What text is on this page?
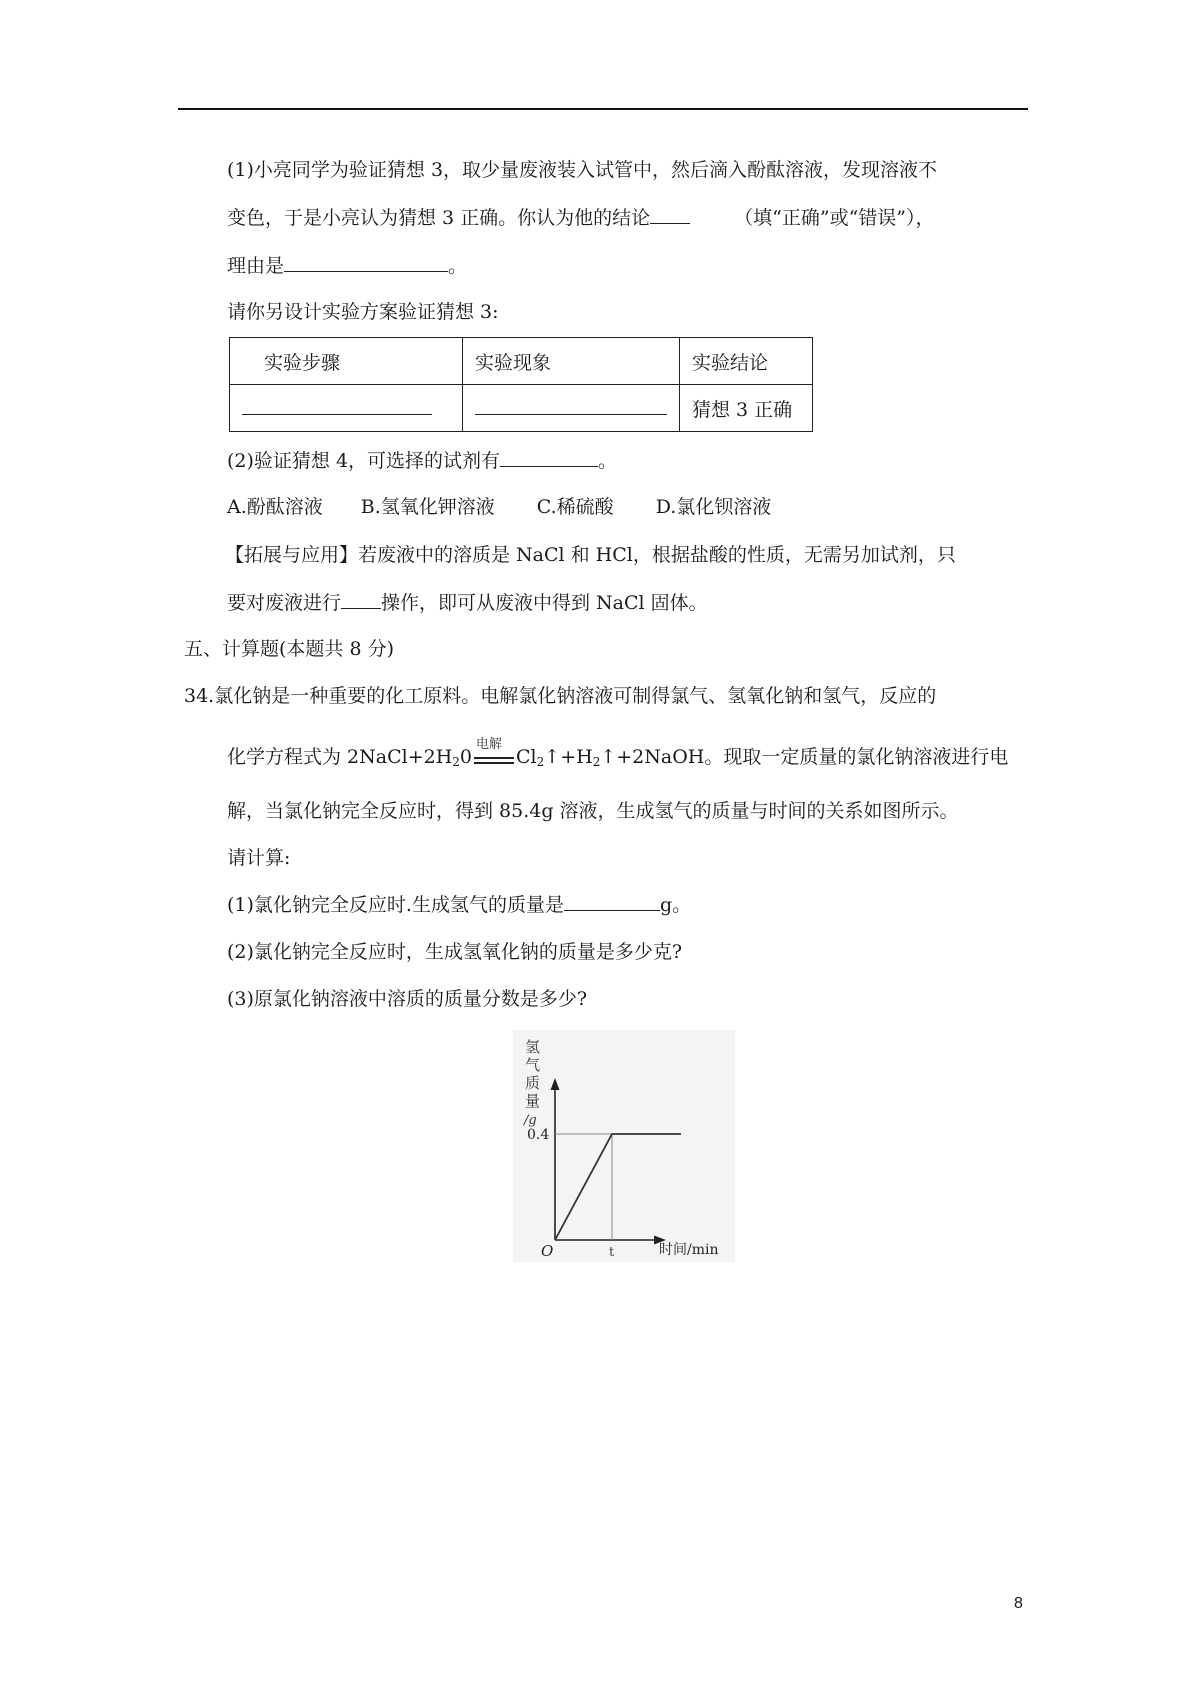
(1)小亮同学为验证猜想 3，取少量废液装入试管中，然后滴入酚酞溶液，发现溶液不
变色，于是小亮认为猜想 3 正确。你认为他的结论	（填“正确”或“错误”），
理由是	。
请你另设计实验方案验证猜想 3:
实验步骤	实验现象	实验结论
		猜想 3 正确
(2)验证猜想 4，可选择的试剂有	。
A.酚酞溶液 B.氢氧化钾溶液 C.稀硫酸 D.氯化钡溶液
【拓展与应用】若废液中的溶质是 NaCl 和 HCl，根据盐酸的性质，无需另加试剂，只
要对废液进行 操作，即可从废液中得到 NaCl 固体。
五、计算题(本题共 8 分)
34.氯化钠是一种重要的化工原料。电解氯化钠溶液可制得氯气、氢氧化钠和氢气，反应的
化学方程式为 $2NaCl+2H_20$
电解
$Cl_2↑+H_2↑+2NaOH$。现取一定质量的氯化钠溶液进行电
解，当氯化钠完全反应时，得到 85.4g 溶液，生成氢气的质量与时间的关系如图所示。
请计算:
(1)氯化钠完全反应时.生成氢气的质量是	g。
(2)氯化钠完全反应时，生成氢氧化钠的质量是多少克?
(3)原氯化钠溶液中溶质的质量分数是多少?
氢
气
质
量
/g
0.4
O	t	时间/min
8
